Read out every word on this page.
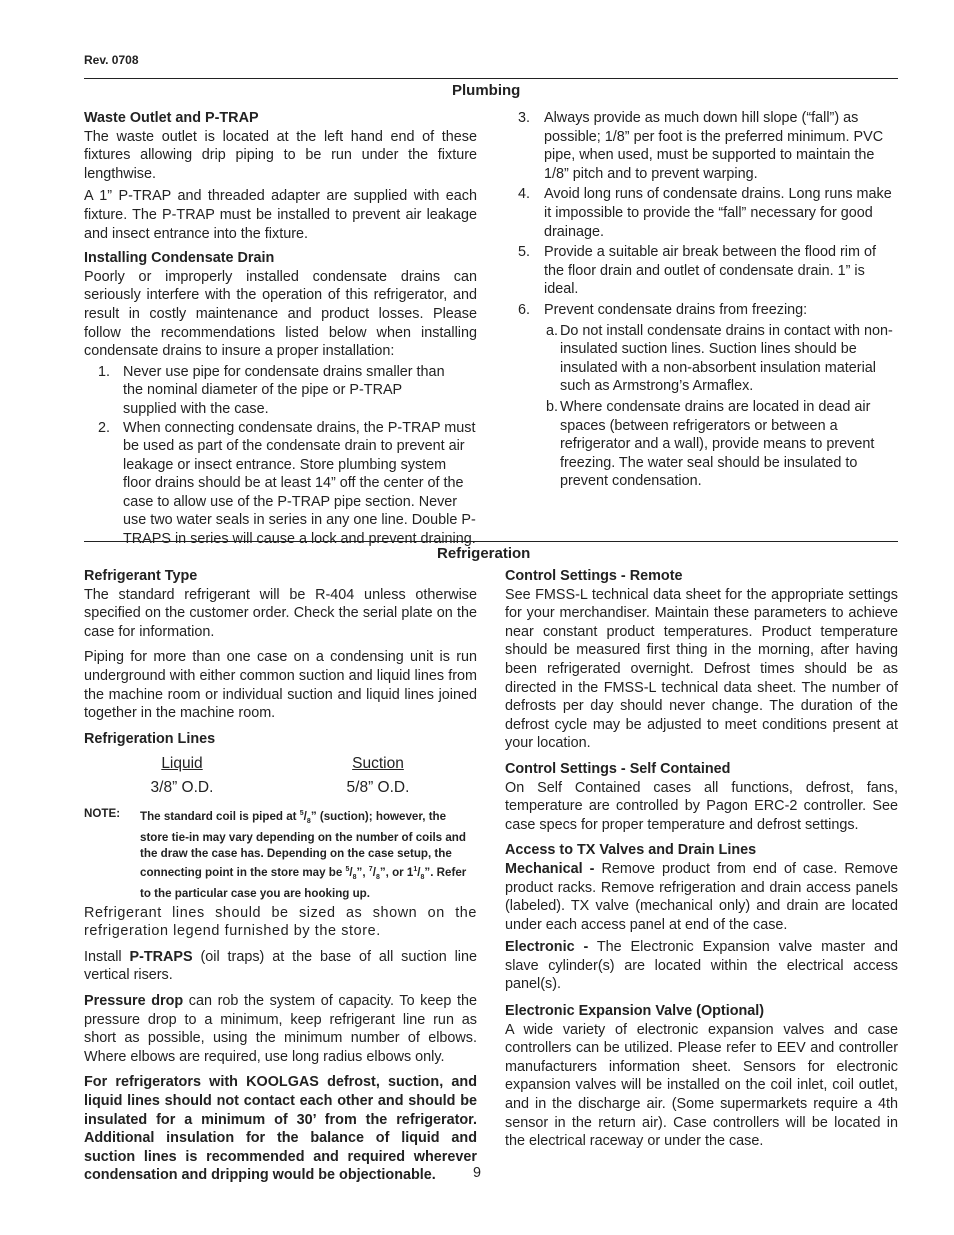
Rev. 0708
Plumbing
Waste Outlet and P-TRAP

The waste outlet is located at the left hand end of these fixtures allowing drip piping to be run under the fixture lengthwise.

A 1” P-TRAP and threaded adapter are supplied with each fixture. The P-TRAP must be installed to prevent air leakage and insect entrance into the fixture.

Installing Condensate Drain

Poorly or improperly installed condensate drains can seriously interfere with the operation of this refrigerator, and result in costly maintenance and product losses. Please follow the recommendations listed below when installing condensate drains to insure a proper installation:

1. Never use pipe for condensate drains smaller than the nominal diameter of the pipe or P-TRAP supplied with the case.
2. When connecting condensate drains, the P-TRAP must be used as part of the condensate drain to prevent air leakage or insect entrance. Store plumbing system floor drains should be at least 14” off the center of the case to allow use of the P-TRAP pipe section. Never use two water seals in series in any one line. Double P-TRAPS in series will cause a lock and prevent draining.
3. Always provide as much down hill slope (“fall”) as possible; 1/8” per foot is the preferred minimum. PVC pipe, when used, must be supported to maintain the 1/8” pitch and to prevent warping.
4. Avoid long runs of condensate drains. Long runs make it impossible to provide the “fall” necessary for good drainage.
5. Provide a suitable air break between the flood rim of the floor drain and outlet of condensate drain. 1” is ideal.
6. Prevent condensate drains from freezing:
a. Do not install condensate drains in contact with non-insulated suction lines. Suction lines should be insulated with a non-absorbent insulation material such as Armstrong’s Armaflex.
b. Where condensate drains are located in dead air spaces (between refrigerators or between a refrigerator and a wall), provide means to prevent freezing. The water seal should be insulated to prevent condensation.
Refrigeration
Refrigerant Type

The standard refrigerant will be R-404 unless otherwise specified on the customer order. Check the serial plate on the case for information.

Piping for more than one case on a condensing unit is run underground with either common suction and liquid lines from the machine room or individual suction and liquid lines joined together in the machine room.

Refrigeration Lines
Liquid
3/8” O.D.
Suction
5/8” O.D.
NOTE: The standard coil is piped at $^5/_8$” (suction); however, the store tie-in may vary depending on the number of coils and the draw the case has. Depending on the case setup, the connecting point in the store may be $^5/_8$”, $^7/_8$”, or $1^1/_8$”. Refer to the particular case you are hooking up.

Refrigerant lines should be sized as shown on the refrigeration legend furnished by the store.

Install P-TRAPS (oil traps) at the base of all suction line vertical risers.

Pressure drop can rob the system of capacity. To keep the pressure drop to a minimum, keep refrigerant line run as short as possible, using the minimum number of elbows. Where elbows are required, use long radius elbows only.

For refrigerators with KOOLGAS defrost, suction, and liquid lines should not contact each other and should be insulated for a minimum of 30’ from the refrigerator. Additional insulation for the balance of liquid and suction lines is recommended and required wherever condensation and dripping would be objectionable.

Control Settings - Remote

See FMSS-L technical data sheet for the appropriate settings for your merchandiser. Maintain these parameters to achieve near constant product temperatures. Product temperature should be measured first thing in the morning, after having been refrigerated overnight. Defrost times should be as directed in the FMSS-L technical data sheet. The number of defrosts per day should never change. The duration of the defrost cycle may be adjusted to meet conditions present at your location.

Control Settings - Self Contained

On Self Contained cases all functions, defrost, fans, temperature are controlled by Pagon ERC-2 controller. See case specs for proper temperature and defrost settings.

Access to TX Valves and Drain Lines

Mechanical - Remove product from end of case. Remove product racks. Remove refrigeration and drain access panels (labeled). TX valve (mechanical only) and drain are located under each access panel at end of the case.

Electronic - The Electronic Expansion valve master and slave cylinder(s) are located within the electrical access panel(s).

Electronic Expansion Valve (Optional)

A wide variety of electronic expansion valves and case controllers can be utilized. Please refer to EEV and controller manufacturers information sheet. Sensors for electronic expansion valves will be installed on the coil inlet, coil outlet, and in the discharge air. (Some supermarkets require a 4th sensor in the return air). Case controllers will be located in the electrical raceway or under the case.

9
